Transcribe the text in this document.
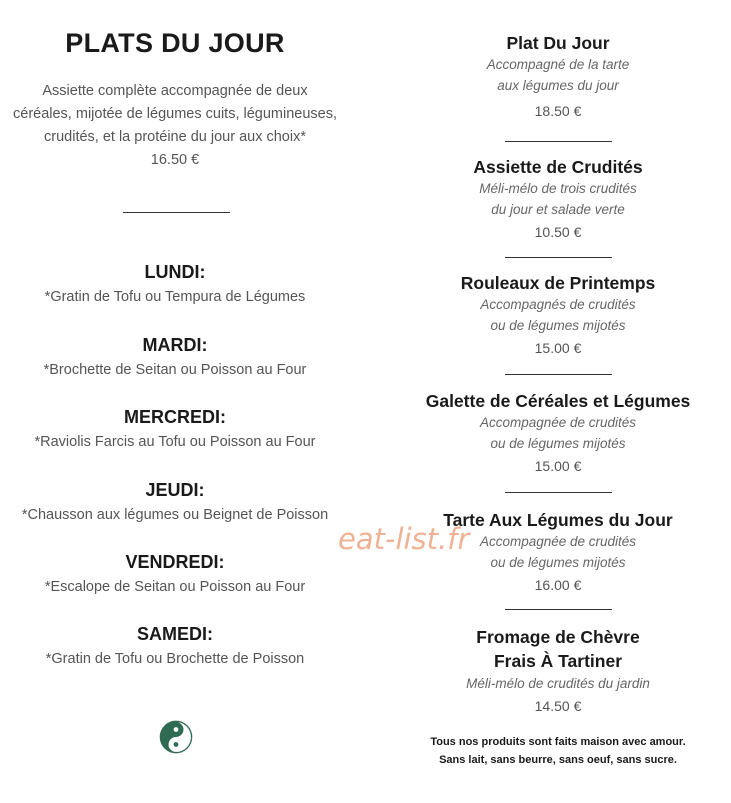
PLATS DU JOUR
Assiette complète accompagnée de deux
céréales, mijotée de légumes cuits, légumineuses,
crudités, et la protéine du jour aux choix*
16.50 €
LUNDI:
*Gratin de Tofu ou Tempura de Légumes
MARDI:
*Brochette de Seitan ou Poisson au Four
MERCREDI:
*Raviolis Farcis au Tofu ou Poisson au Four
JEUDI:
*Chausson aux légumes ou Beignet de Poisson
VENDREDI:
*Escalope de Seitan ou Poisson au Four
SAMEDI:
*Gratin de Tofu ou Brochette de Poisson
Plat Du Jour
Accompagné de la tarte
aux légumes du jour
18.50 €
Assiette de Crudités
Méli-mélo de trois crudités
du jour et salade verte
10.50 €
Rouleaux de Printemps
Accompagnés de crudités
ou de légumes mijotés
15.00 €
Galette de Céréales et Légumes
Accompagnée de crudités
ou de légumes mijotés
15.00 €
Tarte Aux Légumes du Jour
Accompagnée de crudités
ou de légumes mijotés
16.00 €
Fromage de Chèvre
Frais À Tartiner
Méli-mélo de crudités du jardin
14.50 €
Tous nos produits sont faits maison avec amour.
Sans lait, sans beurre, sans oeuf, sans sucre.
eat-list.fr
